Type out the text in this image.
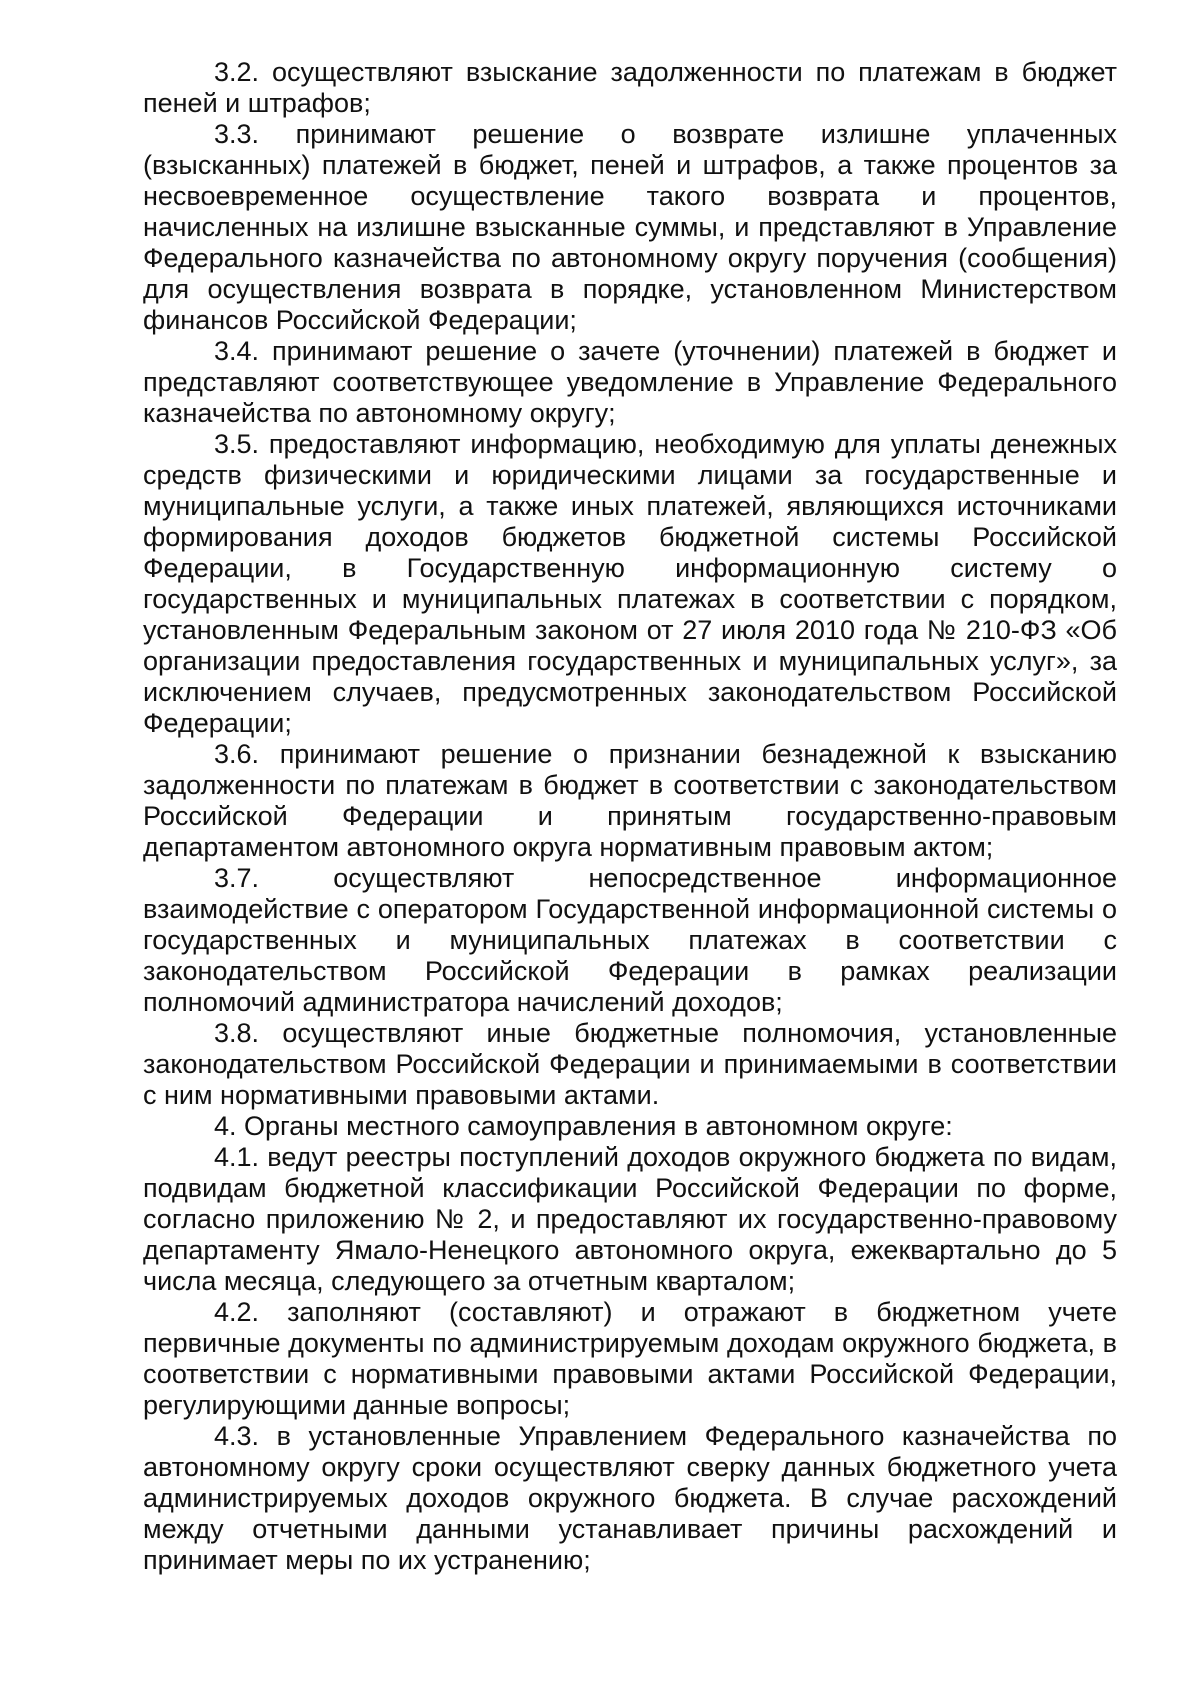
3.2. осуществляют взыскание задолженности по платежам в бюджет пеней и штрафов;

3.3. принимают решение о возврате излишне уплаченных (взысканных) платежей в бюджет, пеней и штрафов, а также процентов за несвоевременное осуществление такого возврата и процентов, начисленных на излишне взысканные суммы, и представляют в Управление Федерального казначейства по автономному округу поручения (сообщения) для осуществления возврата в порядке, установленном Министерством финансов Российской Федерации;

3.4. принимают решение о зачете (уточнении) платежей в бюджет и представляют соответствующее уведомление в Управление Федерального казначейства по автономному округу;

3.5. предоставляют информацию, необходимую для уплаты денежных средств физическими и юридическими лицами за государственные и муниципальные услуги, а также иных платежей, являющихся источниками формирования доходов бюджетов бюджетной системы Российской Федерации, в Государственную информационную систему о государственных и муниципальных платежах в соответствии с порядком, установленным Федеральным законом от 27 июля 2010 года № 210-ФЗ «Об организации предоставления государственных и муниципальных услуг», за исключением случаев, предусмотренных законодательством Российской Федерации;

3.6. принимают решение о признании безнадежной к взысканию задолженности по платежам в бюджет в соответствии с законодательством Российской Федерации и принятым государственно-правовым департаментом автономного округа нормативным правовым актом;

3.7. осуществляют непосредственное информационное взаимодействие с оператором Государственной информационной системы о государственных и муниципальных платежах в соответствии с законодательством Российской Федерации в рамках реализации полномочий администратора начислений доходов;

3.8. осуществляют иные бюджетные полномочия, установленные законодательством Российской Федерации и принимаемыми в соответствии с ним нормативными правовыми актами.

4. Органы местного самоуправления в автономном округе:

4.1. ведут реестры поступлений доходов окружного бюджета по видам, подвидам бюджетной классификации Российской Федерации по форме, согласно приложению № 2, и предоставляют их государственно-правовому департаменту Ямало-Ненецкого автономного округа, ежеквартально до 5 числа месяца, следующего за отчетным кварталом;

4.2. заполняют (составляют) и отражают в бюджетном учете первичные документы по администрируемым доходам окружного бюджета, в соответствии с нормативными правовыми актами Российской Федерации, регулирующими данные вопросы;

4.3. в установленные Управлением Федерального казначейства по автономному округу сроки осуществляют сверку данных бюджетного учета администрируемых доходов окружного бюджета. В случае расхождений между отчетными данными устанавливает причины расхождений и принимает меры по их устранению;
